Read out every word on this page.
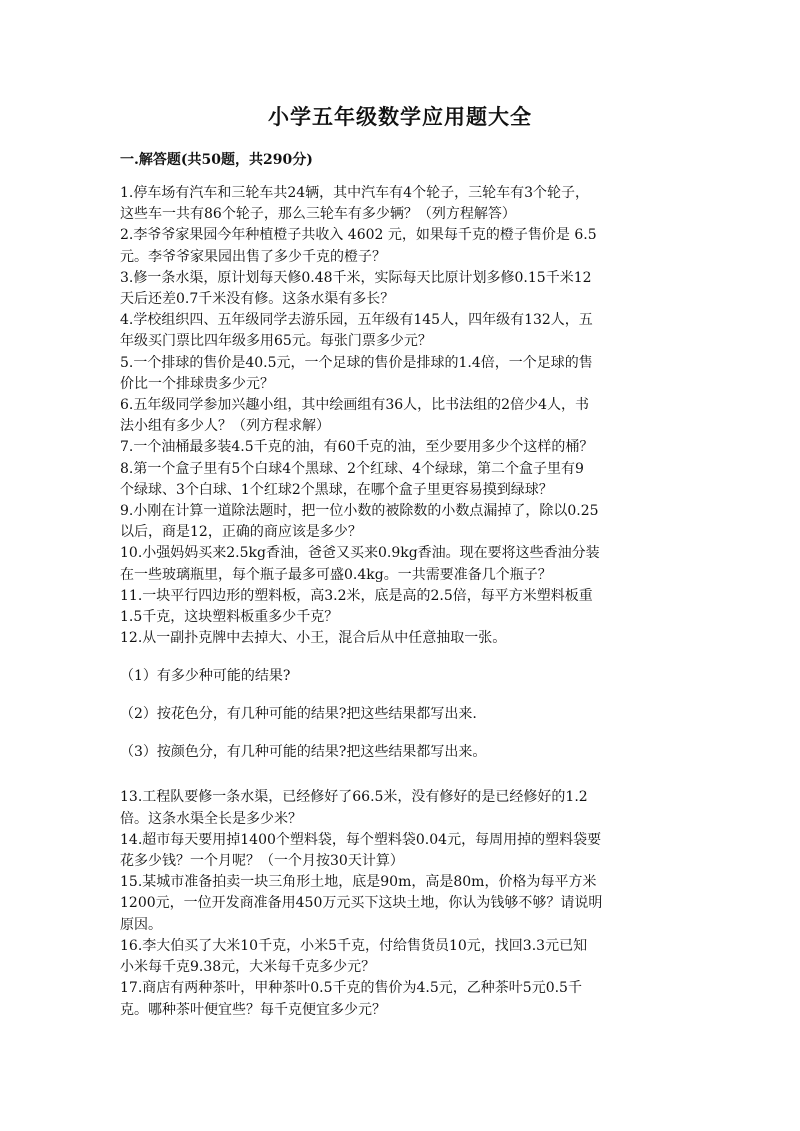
小学五年级数学应用题大全
一.解答题(共50题，共290分)

1.停车场有汽车和三轮车共24辆，其中汽车有4个轮子，三轮车有3个轮子，
这些车一共有86个轮子，那么三轮车有多少辆？（列方程解答）

2.李爷爷家果园今年种植橙子共收入 4602 元，如果每千克的橙子售价是 6.5
元。李爷爷家果园出售了多少千克的橙子？

3.修一条水渠，原计划每天修0.48千米，实际每天比原计划多修0.15千米12
天后还差0.7千米没有修。这条水渠有多长？

4.学校组织四、五年级同学去游乐园，五年级有145人，四年级有132人，五
年级买门票比四年级多用65元。每张门票多少元？

5.一个排球的售价是40.5元，一个足球的售价是排球的1.4倍，一个足球的售
价比一个排球贵多少元？

6.五年级同学参加兴趣小组，其中绘画组有36人，比书法组的2倍少4人，书
法小组有多少人？（列方程求解）

7.一个油桶最多装4.5千克的油，有60千克的油，至少要用多少个这样的桶？

8.第一个盒子里有5个白球4个黑球、2个红球、4个绿球，第二个盒子里有9
个绿球、3个白球、1个红球2个黑球，在哪个盒子里更容易摸到绿球？

9.小刚在计算一道除法题时，把一位小数的被除数的小数点漏掉了，除以0.25
以后，商是12，正确的商应该是多少？

10.小强妈妈买来2.5kg香油，爸爸又买来0.9kg香油。现在要将这些香油分装
在一些玻璃瓶里，每个瓶子最多可盛0.4kg。一共需要准备几个瓶子？

11.一块平行四边形的塑料板，高3.2米，底是高的2.5倍，每平方米塑料板重
1.5千克，这块塑料板重多少千克？

12.从一副扑克牌中去掉大、小王，混合后从中任意抽取一张。

（1）有多少种可能的结果?

（2）按花色分，有几种可能的结果?把这些结果都写出来.

（3）按颜色分，有几种可能的结果?把这些结果都写出来。

13.工程队要修一条水渠，已经修好了66.5米，没有修好的是已经修好的1.2
倍。这条水渠全长是多少米？

14.超市每天要用掉1400个塑料袋，每个塑料袋0.04元，每周用掉的塑料袋要
花多少钱？一个月呢？（一个月按30天计算）

15.某城市准备拍卖一块三角形土地，底是90m，高是80m，价格为每平方米
1200元，一位开发商准备用450万元买下这块土地，你认为钱够不够？请说明
原因。

16.李大伯买了大米10千克，小米5千克，付给售货员10元，找回3.3元已知
小米每千克9.38元，大米每千克多少元？

17.商店有两种茶叶，甲种茶叶0.5千克的售价为4.5元，乙种茶叶5元0.5千
克。哪种茶叶便宜些？每千克便宜多少元？
